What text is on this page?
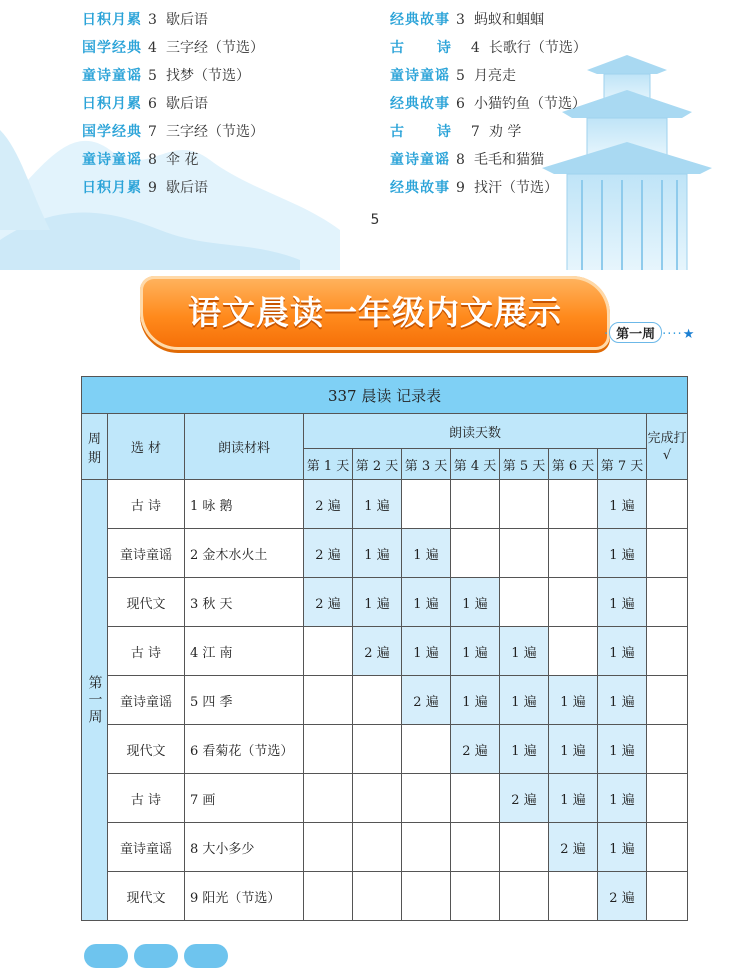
日积月累 3 歇后语
国学经典 4 三字经（节选）
童诗童谣 5 找梦（节选）
日积月累 6 歇后语
国学经典 7 三字经（节选）
童诗童谣 8 伞 花
日积月累 9 歇后语
经典故事 3 蚂蚁和蝈蝈
古 诗 4 长歌行（节选）
童诗童谣 5 月亮走
经典故事 6 小猫钓鱼（节选）
古 诗 7 劝 学
童诗童谣 8 毛毛和猫猫
经典故事 9 找汗（节选）
5
语文晨读一年级内文展示
· 第一周 ····★
337 晨读 记录表										
周期	选 材	朗读材料	朗读天数							完成打√
			第 1 天	第 2 天	第 3 天	第 4 天	第 5 天	第 6 天	第 7 天	
第一周	古 诗	1 咏 鹅	2 遍	1 遍					1 遍	
	童诗童谣	2 金木水火土	2 遍	1 遍	1 遍				1 遍	
	现代文	3 秋 天	2 遍	1 遍	1 遍	1 遍			1 遍	
	古 诗	4 江 南		2 遍	1 遍	1 遍	1 遍		1 遍	
	童诗童谣	5 四 季			2 遍	1 遍	1 遍	1 遍	1 遍	
	现代文	6 看菊花（节选）				2 遍	1 遍	1 遍	1 遍	
	古 诗	7 画					2 遍	1 遍	1 遍	
	童诗童谣	8 大小多少						2 遍	1 遍	
	现代文	9 阳光（节选）							2 遍	
